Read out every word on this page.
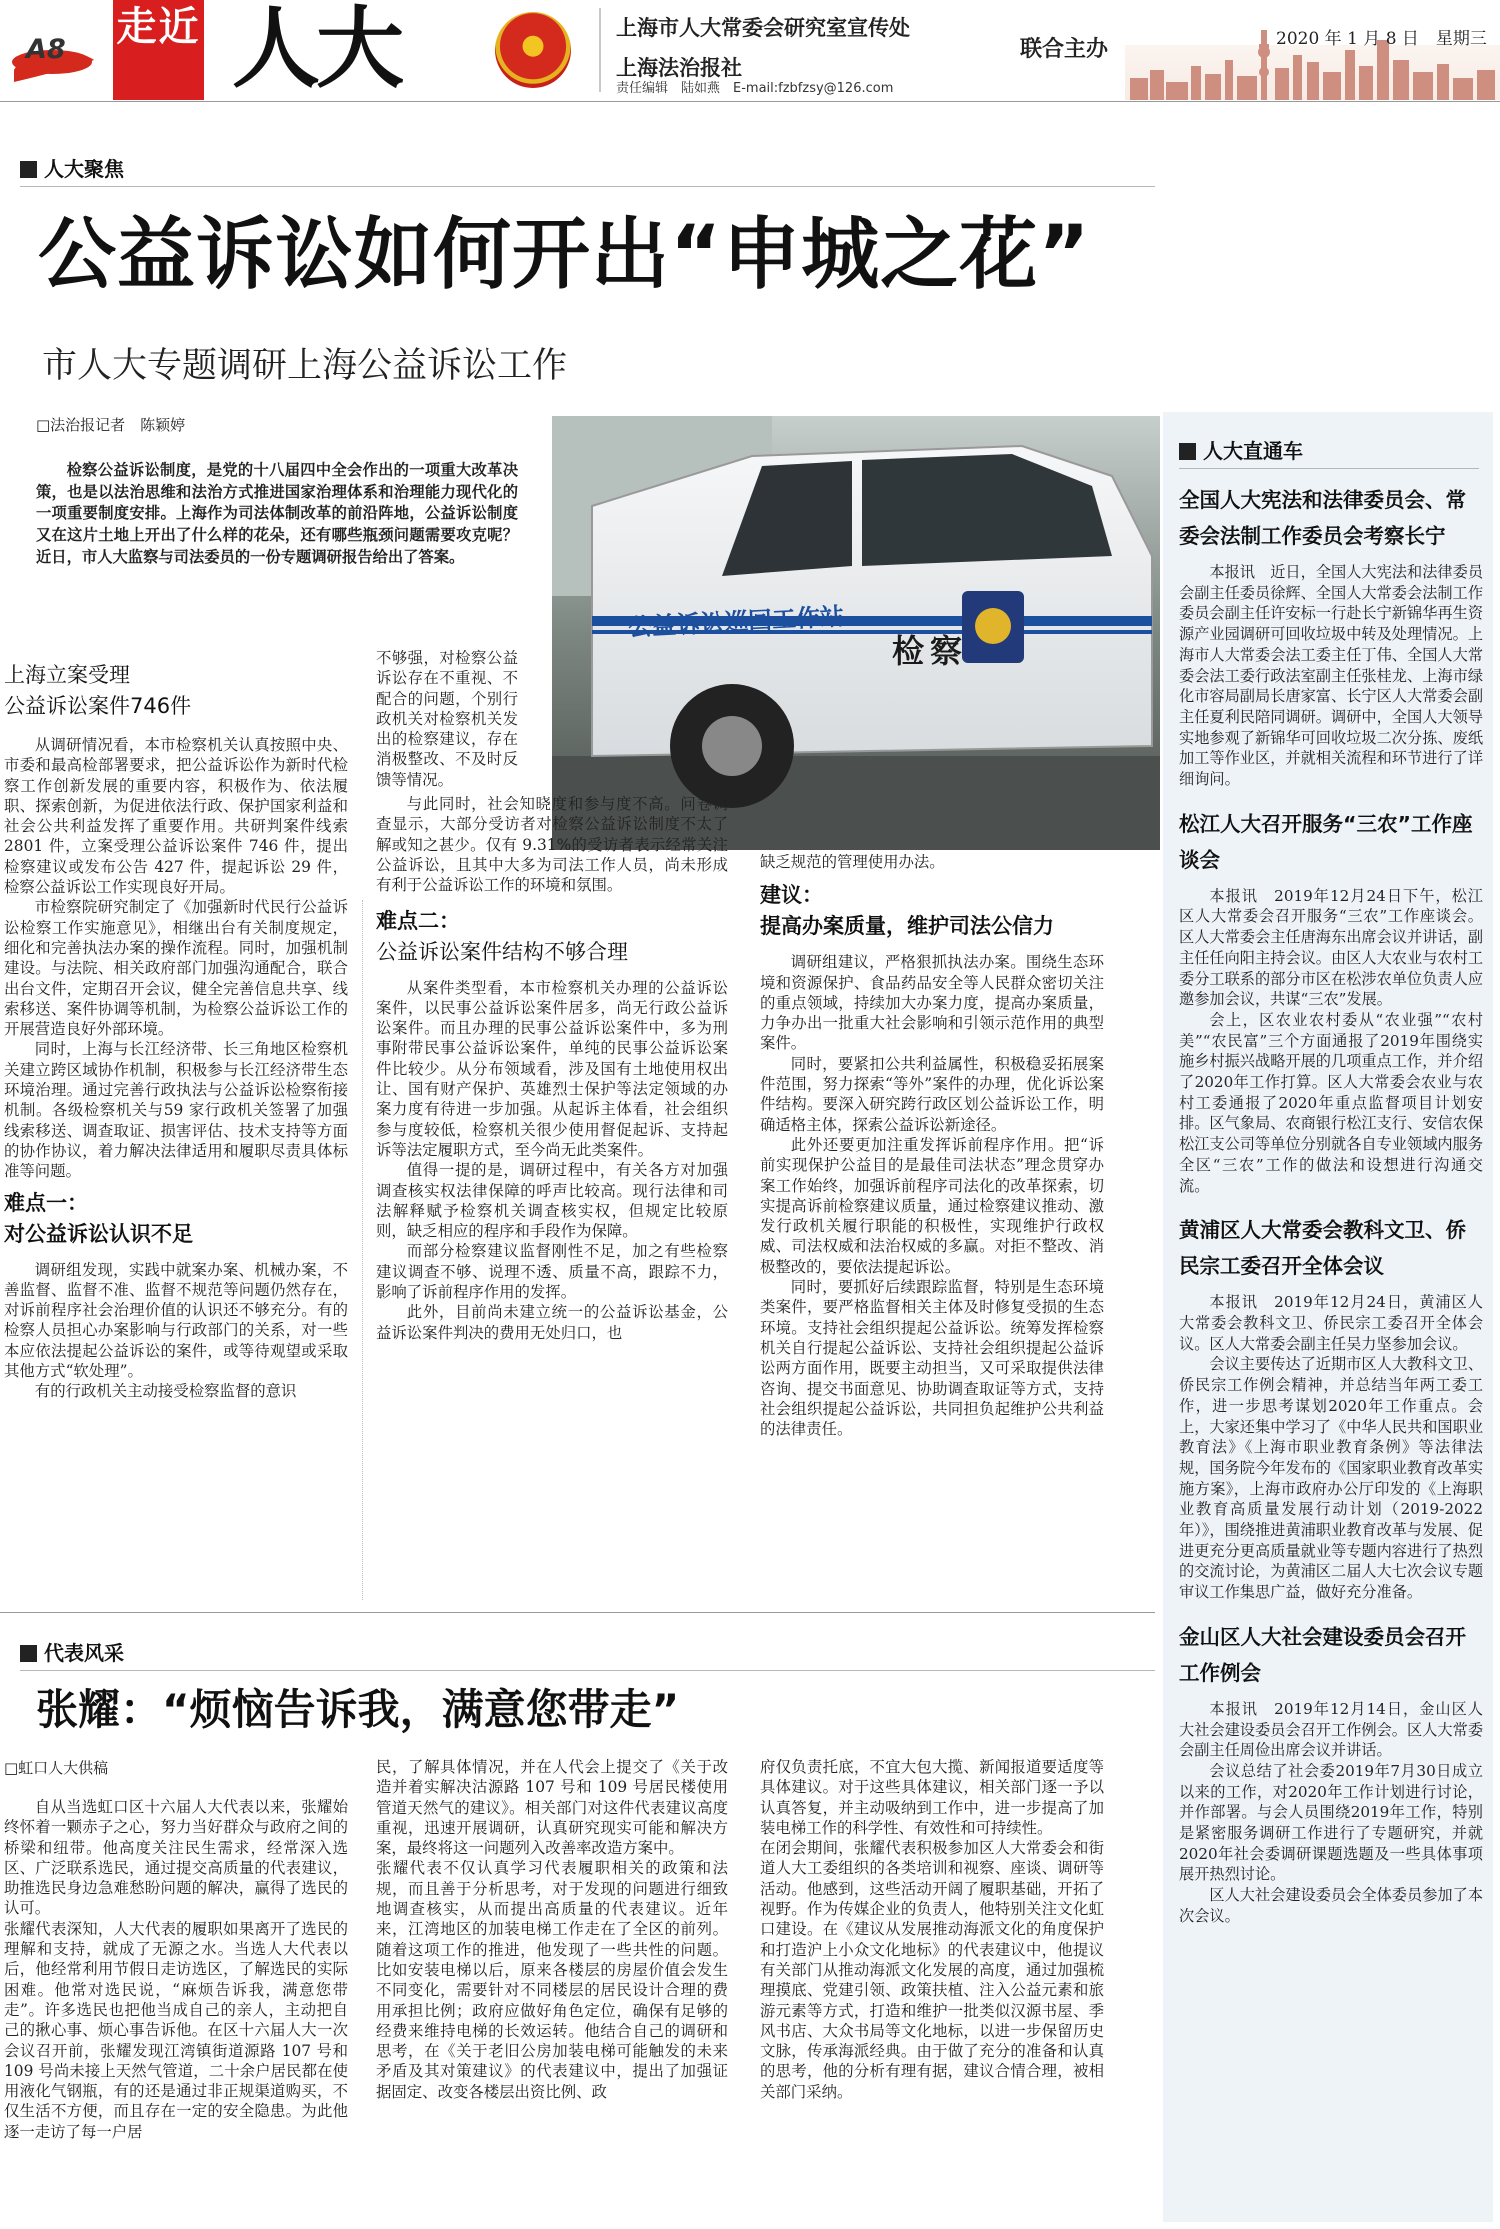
A8 走近 人大	上海市人大常委会研究室宣传处
上海法治报社
联合主办
责任编辑　陆如燕　E-mail:fzbfzsy@126.com
2020 年 1 月 8 日　星期三
人大聚焦
公益诉讼如何开出“申城之花”
市人大专题调研上海公益诉讼工作
□法治报记者　陈颖婷
检察公益诉讼制度，是党的十八届四中全会作出的一项重大改革决策，也是以法治思维和法治方式推进国家治理体系和治理能力现代化的一项重要制度安排。上海作为司法体制改革的前沿阵地，公益诉讼制度又在这片土地上开出了什么样的花朵，还有哪些瓶颈问题需要攻克呢？近日，市人大监察与司法委员的一份专题调研报告给出了答案。
公益诉讼巡回工作站
检察
上海立案受理
公益诉讼案件746件

从调研情况看，本市检察机关认真按照中央、市委和最高检部署要求，把公益诉讼作为新时代检察工作创新发展的重要内容，积极作为、依法履职、探索创新，为促进依法行政、保护国家利益和社会公共利益发挥了重要作用。共研判案件线索 2801 件，立案受理公益诉讼案件 746 件，提出检察建议或发布公告 427 件，提起诉讼 29 件，检察公益诉讼工作实现良好开局。

市检察院研究制定了《加强新时代民行公益诉讼检察工作实施意见》，相继出台有关制度规定，细化和完善执法办案的操作流程。同时，加强机制建设。与法院、相关政府部门加强沟通配合，联合出台文件，定期召开会议，健全完善信息共享、线索移送、案件协调等机制，为检察公益诉讼工作的开展营造良好外部环境。

同时，上海与长江经济带、长三角地区检察机关建立跨区域协作机制，积极参与长江经济带生态环境治理。通过完善行政执法与公益诉讼检察衔接机制。各级检察机关与59 家行政机关签署了加强线索移送、调查取证、损害评估、技术支持等方面的协作协议，着力解决法律适用和履职尽责具体标准等问题。

难点一：
对公益诉讼认识不足

调研组发现，实践中就案办案、机械办案，不善监督、监督不准、监督不规范等问题仍然存在，对诉前程序社会治理价值的认识还不够充分。有的检察人员担心办案影响与行政部门的关系，对一些本应依法提起公益诉讼的案件，或等待观望或采取其他方式“软处理”。

有的行政机关主动接受检察监督的意识

不够强，对检察公益诉讼存在不重视、不配合的问题，个别行政机关对检察机关发出的检察建议，存在消极整改、不及时反馈等情况。

与此同时，社会知晓度和参与度不高。问卷调查显示，大部分受访者对检察公益诉讼制度不太了解或知之甚少。仅有 9.31%的受访者表示经常关注公益诉讼，且其中大多为司法工作人员，尚未形成有利于公益诉讼工作的环境和氛围。

难点二：
公益诉讼案件结构不够合理

从案件类型看，本市检察机关办理的公益诉讼案件，以民事公益诉讼案件居多，尚无行政公益诉讼案件。而且办理的民事公益诉讼案件中，多为刑事附带民事公益诉讼案件，单纯的民事公益诉讼案件比较少。从分布领域看，涉及国有土地使用权出让、国有财产保护、英雄烈士保护等法定领域的办案力度有待进一步加强。从起诉主体看，社会组织参与度较低，检察机关很少使用督促起诉、支持起诉等法定履职方式，至今尚无此类案件。

值得一提的是，调研过程中，有关各方对加强调查核实权法律保障的呼声比较高。现行法律和司法解释赋予检察机关调查核实权，但规定比较原则，缺乏相应的程序和手段作为保障。

而部分检察建议监督刚性不足，加之有些检察建议调查不够、说理不透、质量不高，跟踪不力，影响了诉前程序作用的发挥。

此外，目前尚未建立统一的公益诉讼基金，公益诉讼案件判决的费用无处归口，也

缺乏规范的管理使用办法。

建议：
提高办案质量，维护司法公信力

调研组建议，严格狠抓执法办案。围绕生态环境和资源保护、食品药品安全等人民群众密切关注的重点领域，持续加大办案力度，提高办案质量，力争办出一批重大社会影响和引领示范作用的典型案件。

同时，要紧扣公共利益属性，积极稳妥拓展案件范围，努力探索“等外”案件的办理，优化诉讼案件结构。要深入研究跨行政区划公益诉讼工作，明确适格主体，探索公益诉讼新途径。

此外还要更加注重发挥诉前程序作用。把“诉前实现保护公益目的是最佳司法状态”理念贯穿办案工作始终，加强诉前程序司法化的改革探索，切实提高诉前检察建议质量，通过检察建议推动、激发行政机关履行职能的积极性，实现维护行政权威、司法权威和法治权威的多赢。对拒不整改、消极整改的，要依法提起诉讼。

同时，要抓好后续跟踪监督，特别是生态环境类案件，要严格监督相关主体及时修复受损的生态环境。支持社会组织提起公益诉讼。统筹发挥检察机关自行提起公益诉讼、支持社会组织提起公益诉讼两方面作用，既要主动担当，又可采取提供法律咨询、提交书面意见、协助调查取证等方式，支持社会组织提起公益诉讼，共同担负起维护公共利益的法律责任。

人大直通车
全国人大宪法和法律委员会、常委会法制工作委员会考察长宁

本报讯　近日，全国人大宪法和法律委员会副主任委员徐辉、全国人大常委会法制工作委员会副主任许安标一行赴长宁新锦华再生资源产业园调研可回收垃圾中转及处理情况。上海市人大常委会法工委主任丁伟、全国人大常委会法工委行政法室副主任张桂龙、上海市绿化市容局副局长唐家富、长宁区人大常委会副主任夏利民陪同调研。调研中，全国人大领导实地参观了新锦华可回收垃圾二次分拣、废纸加工等作业区，并就相关流程和环节进行了详细询问。

松江人大召开服务“三农”工作座谈会

本报讯　2019年12月24日下午，松江区人大常委会召开服务“三农”工作座谈会。区人大常委会主任唐海东出席会议并讲话，副主任任向阳主持会议。由区人大农业与农村工委分工联系的部分市区在松涉农单位负责人应邀参加会议，共谋“三农”发展。

会上，区农业农村委从“农业强”“农村美”“农民富”三个方面通报了2019年围绕实施乡村振兴战略开展的几项重点工作，并介绍了2020年工作打算。区人大常委会农业与农村工委通报了2020年重点监督项目计划安排。区气象局、农商银行松江支行、安信农保松江支公司等单位分别就各自专业领域内服务全区“三农”工作的做法和设想进行沟通交流。

黄浦区人大常委会教科文卫、侨民宗工委召开全体会议

本报讯　2019年12月24日，黄浦区人大常委会教科文卫、侨民宗工委召开全体会议。区人大常委会副主任吴力坚参加会议。

会议主要传达了近期市区人大教科文卫、侨民宗工作例会精神，并总结当年两工委工作，进一步思考谋划2020年工作重点。会上，大家还集中学习了《中华人民共和国职业教育法》《上海市职业教育条例》等法律法规，国务院今年发布的《国家职业教育改革实施方案》，上海市政府办公厅印发的《上海职业教育高质量发展行动计划（2019-2022年）》，围绕推进黄浦职业教育改革与发展、促进更充分更高质量就业等专题内容进行了热烈的交流讨论，为黄浦区二届人大七次会议专题审议工作集思广益，做好充分准备。

金山区人大社会建设委员会召开工作例会

本报讯　2019年12月14日，金山区人大社会建设委员会召开工作例会。区人大常委会副主任周俭出席会议并讲话。

会议总结了社会委2019年7月30日成立以来的工作，对2020年工作计划进行讨论，并作部署。与会人员围绕2019年工作，特别是紧密服务调研工作进行了专题研究，并就2020年社会委调研课题选题及一些具体事项展开热烈讨论。

区人大社会建设委员会全体委员参加了本次会议。

代表风采
张耀：“烦恼告诉我，满意您带走”
□虹口人大供稿
自从当选虹口区十六届人大代表以来，张耀始终怀着一颗赤子之心，努力当好群众与政府之间的桥梁和纽带。他高度关注民生需求，经常深入选区、广泛联系选民，通过提交高质量的代表建议，助推选民身边急难愁盼问题的解决，赢得了选民的认可。
张耀代表深知，人大代表的履职如果离开了选民的理解和支持，就成了无源之水。当选人大代表以后，他经常利用节假日走访选区，了解选民的实际困难。他常对选民说，“麻烦告诉我，满意您带走”。许多选民也把他当成自己的亲人，主动把自己的揪心事、烦心事告诉他。在区十六届人大一次会议召开前，张耀发现江湾镇街道源路 107 号和 109 号尚未接上天然气管道，二十余户居民都在使用液化气钢瓶，有的还是通过非正规渠道购买，不仅生活不方便，而且存在一定的安全隐患。为此他逐一走访了每一户居
民，了解具体情况，并在人代会上提交了《关于改造并着实解决沽源路 107 号和 109 号居民楼使用管道天然气的建议》。相关部门对这件代表建议高度重视，迅速开展调研，认真研究现实可能和解决方案，最终将这一问题列入改善率改造方案中。
张耀代表不仅认真学习代表履职相关的政策和法规，而且善于分析思考，对于发现的问题进行细致地调查核实，从而提出高质量的代表建议。近年来，江湾地区的加装电梯工作走在了全区的前列。随着这项工作的推进，他发现了一些共性的问题。比如安装电梯以后，原来各楼层的房屋价值会发生不同变化，需要针对不同楼层的居民设计合理的费用承担比例；政府应做好角色定位，确保有足够的经费来维持电梯的长效运转。他结合自己的调研和思考，在《关于老旧公房加装电梯可能触发的未来矛盾及其对策建议》的代表建议中，提出了加强证据固定、改变各楼层出资比例、政
府仅负责托底，不宜大包大揽、新闻报道要适度等具体建议。对于这些具体建议，相关部门逐一予以认真答复，并主动吸纳到工作中，进一步提高了加装电梯工作的科学性、有效性和可持续性。
在闭会期间，张耀代表积极参加区人大常委会和街道人大工委组织的各类培训和视察、座谈、调研等活动。他感到，这些活动开阔了履职基础，开拓了视野。作为传媒企业的负责人，他特别关注文化虹口建设。在《建议从发展推动海派文化的角度保护和打造沪上小众文化地标》的代表建议中，他提议有关部门从推动海派文化发展的高度，通过加强梳理摸底、党建引领、政策扶植、注入公益元素和旅游元素等方式，打造和维护一批类似汉源书屋、季风书店、大众书局等文化地标，以进一步保留历史文脉，传承海派经典。由于做了充分的准备和认真的思考，他的分析有理有据，建议合情合理，被相关部门采纳。
